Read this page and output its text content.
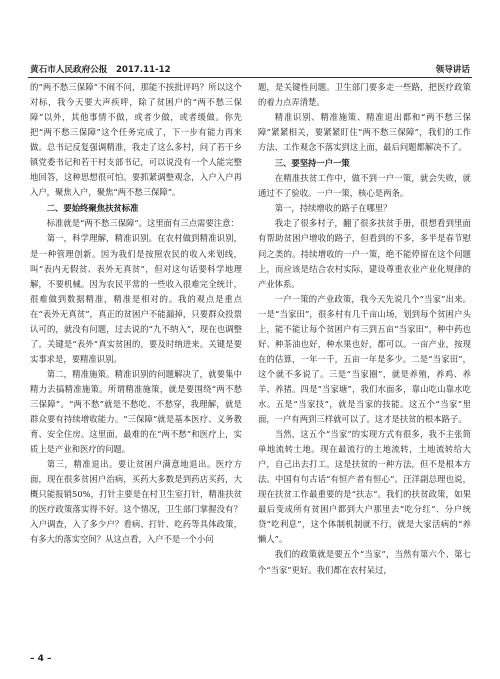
黄石市人民政府公报　2017.11-12	领导讲话

的“两不愁三保障”不闹不问，那能不挨批评吗？所以这个对标，我今天要大声疾呼，除了贫困户的“两不愁三保障”以外，其他事情不做，或者少做，或者缓做。你先把“两不愁三保障”这个任务完成了，下一步有能力再来做。总书记反复强调精准，我走了这么多村，问了若干乡镇党委书记和若干村支部书记，可以说没有一个人能完整地回答，这种思想很可怕。要抓紧调整观念，入户入户再入户，聚焦入户，聚焦“两不愁三保障”。

二、要始终聚焦扶贫标准

标准就是“两不愁三保障”。这里面有三点需要注意：

第一，科学理解，精准识别。在农村做到精准识别，是一种管理创新。因为我们是按照农民的收入来划线，叫“表内无假贫、表外无真贫”，但对这句话要科学地理解，不要机械。因为农民平常的一些收入很难完全统计，很难做到数据精准，精准是相对的。我的观点是重点在“表外无真贫”，真正的贫困户不能漏掉，只要群众投票认可的，就没有问题，过去说的“九不纳入”，现在也调整了。关键是“表外”真实贫困的，要及时纳进来。关键是要实事求是，要精准识别。

第二，精准施策。精准识别的问题解决了，就要集中精力去搞精准施策。所谓精准施策，就是要围绕“两不愁三保障”。“两不愁”就是不愁吃、不愁穿，我理解，就是群众要有持续增收能力。“三保障”就是基本医疗、义务教育、安全住房。这里面，最难的在“两不愁”和医疗上，实质上是产业和医疗的问题。

第三，精准退出。要让贫困户满意地退出。医疗方面，现在很多贫困户治病，买药大多数是到药店买药，大概只能报销50%，打针主要是在村卫生室打针，精准扶贫的医疗政策落实得不好。这个情况，卫生部门掌握没有？入户调查，入了多少户？看病、打针、吃药等具体政策，有多大的落实空间？从这点看，入户不是一个小问

题，是关键性问题。卫生部门要多走一些路，把医疗政策的着力点弄清楚。

精准识别、精准施策、精准退出都和“两不愁三保障”紧紧相关，要紧紧盯住“两不愁三保障”，我们的工作方法、工作观念不落实到这上面，最后问题都解决不了。

三、要坚持一户一策

在精准扶贫工作中，做不到一户一策，就会失败，就通过不了验收。一户一策，核心是两条。

第一，持续增收的路子在哪里？

我走了很多村子，翻了很多扶贫手册，很想看到里面有帮助贫困户增收的路子，但看到的不多，多半是春节慰问之类的。持续增收的一户一策，绝不能停留在这个问题上，而应该是结合农村实际，建设尊重农业产业化规律的产业体系。

一户一策的产业政策，我今天先说几个“当家”出来。一是“当家田”，很多村有几千亩山场，划到每个贫困户头上，能不能让每个贫困户有三到五亩“当家田”，种中药也好、种茶油也好，种水果也好，都可以。一亩产业，按现在的估算，一年一千，五亩一年是多少。二是“当家田”，这个就不多说了。三是“当家圈”，就是养殖，养鸡、养羊、养猪。四是“当家塘”，我们水面多，靠山吃山靠水吃水。五是“当家技”，就是当家的技能。这五个“当家”里面，一户有两到三样就可以了。这才是扶贫的根本路子。

当然，这五个“当家”的实现方式有很多，我不主张简单地流转土地。现在最流行的土地流转，土地流转给大户，自己出去打工。这是扶贫的一种方法，但不是根本方法。中国有句古话“有恒产者有恒心”。汪洋副总理也说，现在扶贫工作最重要的是“扶志”。我们的扶贫政策，如果最后变成所有贫困户都到大户那里去“吃分红”、分户统贷“吃利息”，这个体制机制就不行，就是大家活病的“养懒人”。

我们的政策就是要五个“当家”，当然有第六个、第七个“当家”更好。我们都在农村呆过，

– 4 –
